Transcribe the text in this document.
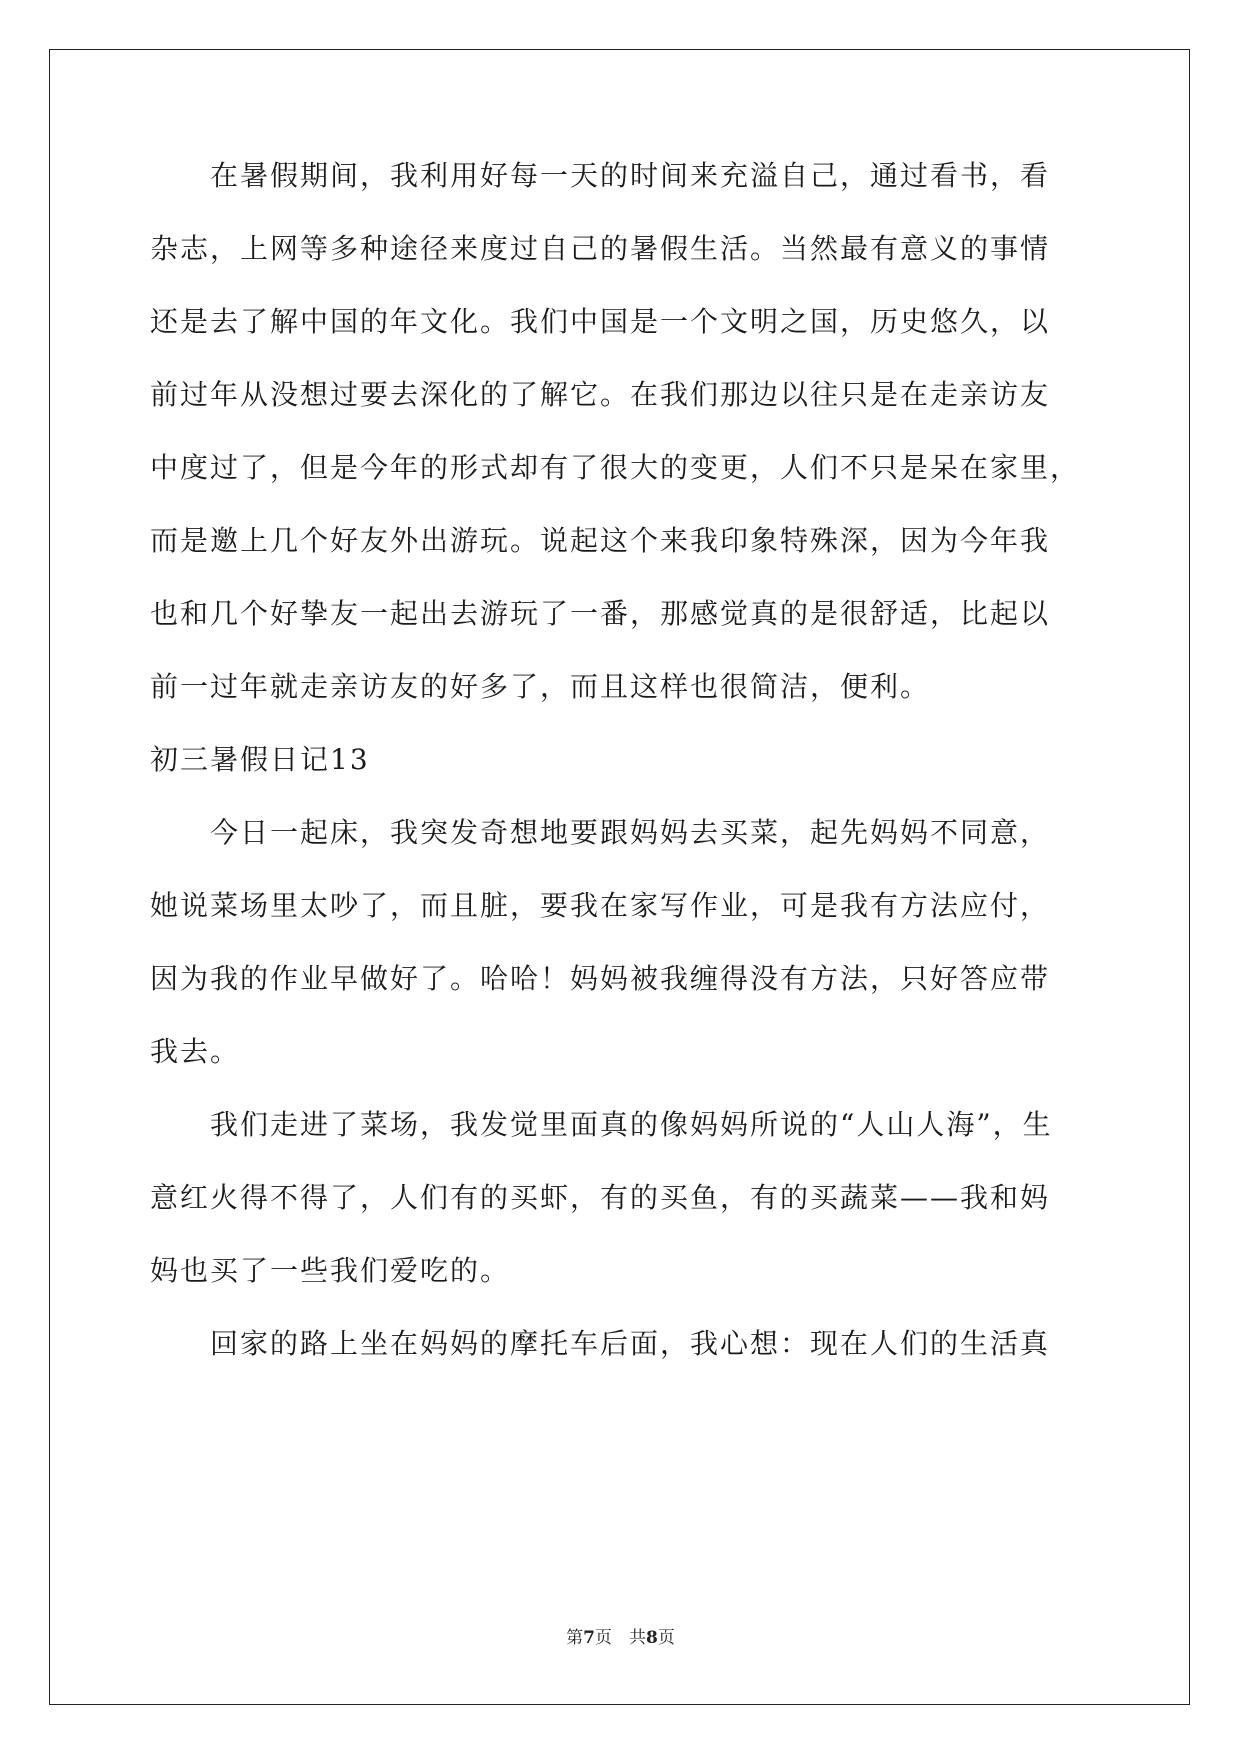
　　在暑假期间，我利用好每一天的时间来充溢自己，通过看书，看
杂志，上网等多种途径来度过自己的暑假生活。当然最有意义的事情
还是去了解中国的年文化。我们中国是一个文明之国，历史悠久，以
前过年从没想过要去深化的了解它。在我们那边以往只是在走亲访友
中度过了，但是今年的形式却有了很大的变更，人们不只是呆在家里，
而是邀上几个好友外出游玩。说起这个来我印象特殊深，因为今年我
也和几个好挚友一起出去游玩了一番，那感觉真的是很舒适，比起以
前一过年就走亲访友的好多了，而且这样也很简洁，便利。
初三暑假日记13
　　今日一起床，我突发奇想地要跟妈妈去买菜，起先妈妈不同意，
她说菜场里太吵了，而且脏，要我在家写作业，可是我有方法应付，
因为我的作业早做好了。哈哈！妈妈被我缠得没有方法，只好答应带
我去。
　　我们走进了菜场，我发觉里面真的像妈妈所说的“人山人海”，生
意红火得不得了，人们有的买虾，有的买鱼，有的买蔬菜——我和妈
妈也买了一些我们爱吃的。
　　回家的路上坐在妈妈的摩托车后面，我心想：现在人们的生活真
第7页　共8页
